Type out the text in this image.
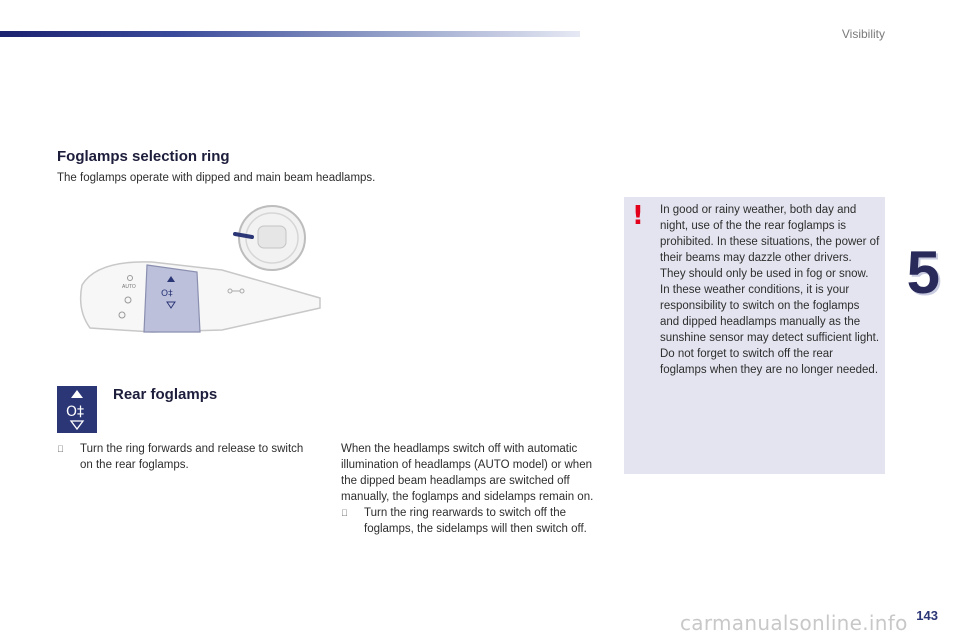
Visibility
5
Foglamps selection ring
The foglamps operate with dipped and main beam headlamps.
AUTO
O‡
O‡
Rear foglamps
Turn the ring forwards and release to switch on the rear foglamps.
When the headlamps switch off with automatic illumination of headlamps (AUTO model) or when the dipped beam headlamps are switched off manually, the foglamps and sidelamps remain on.
Turn the ring rearwards to switch off the foglamps, the sidelamps will then switch off.
! In good or rainy weather, both day and night, use of the the rear foglamps is prohibited. In these situations, the power of their beams may dazzle other drivers. They should only be used in fog or snow.
In these weather conditions, it is your responsibility to switch on the foglamps and dipped headlamps manually as the sunshine sensor may detect sufficient light.
Do not forget to switch off the rear foglamps when they are no longer needed.
carmanualsonline.info 143
